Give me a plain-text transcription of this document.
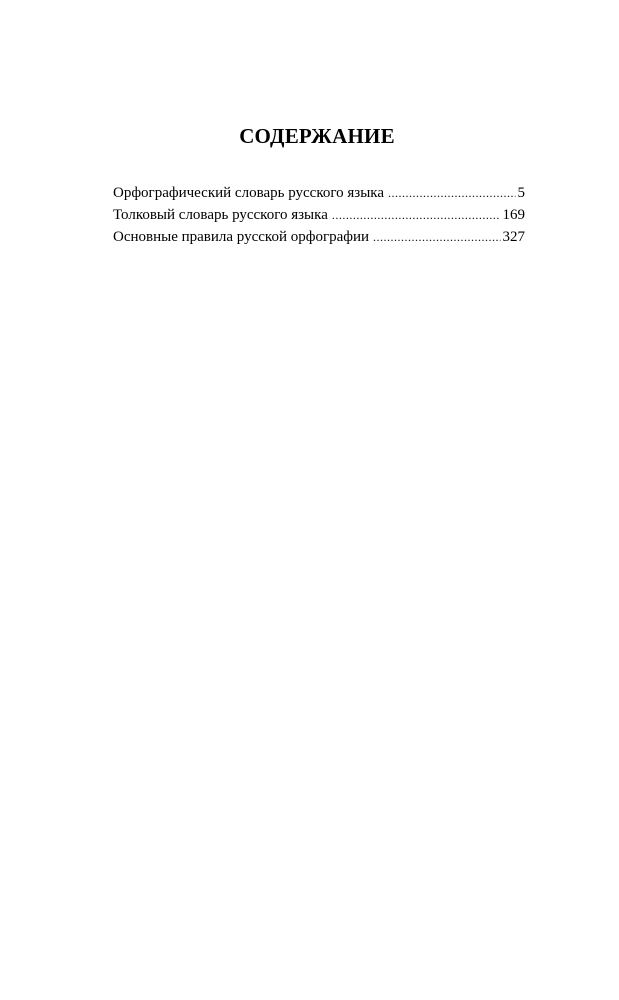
СОДЕРЖАНИЕ
Орфографический словарь русского языка .....	5
Толковый словарь русского языка .....	169
Основные правила русской орфографии .....	327
